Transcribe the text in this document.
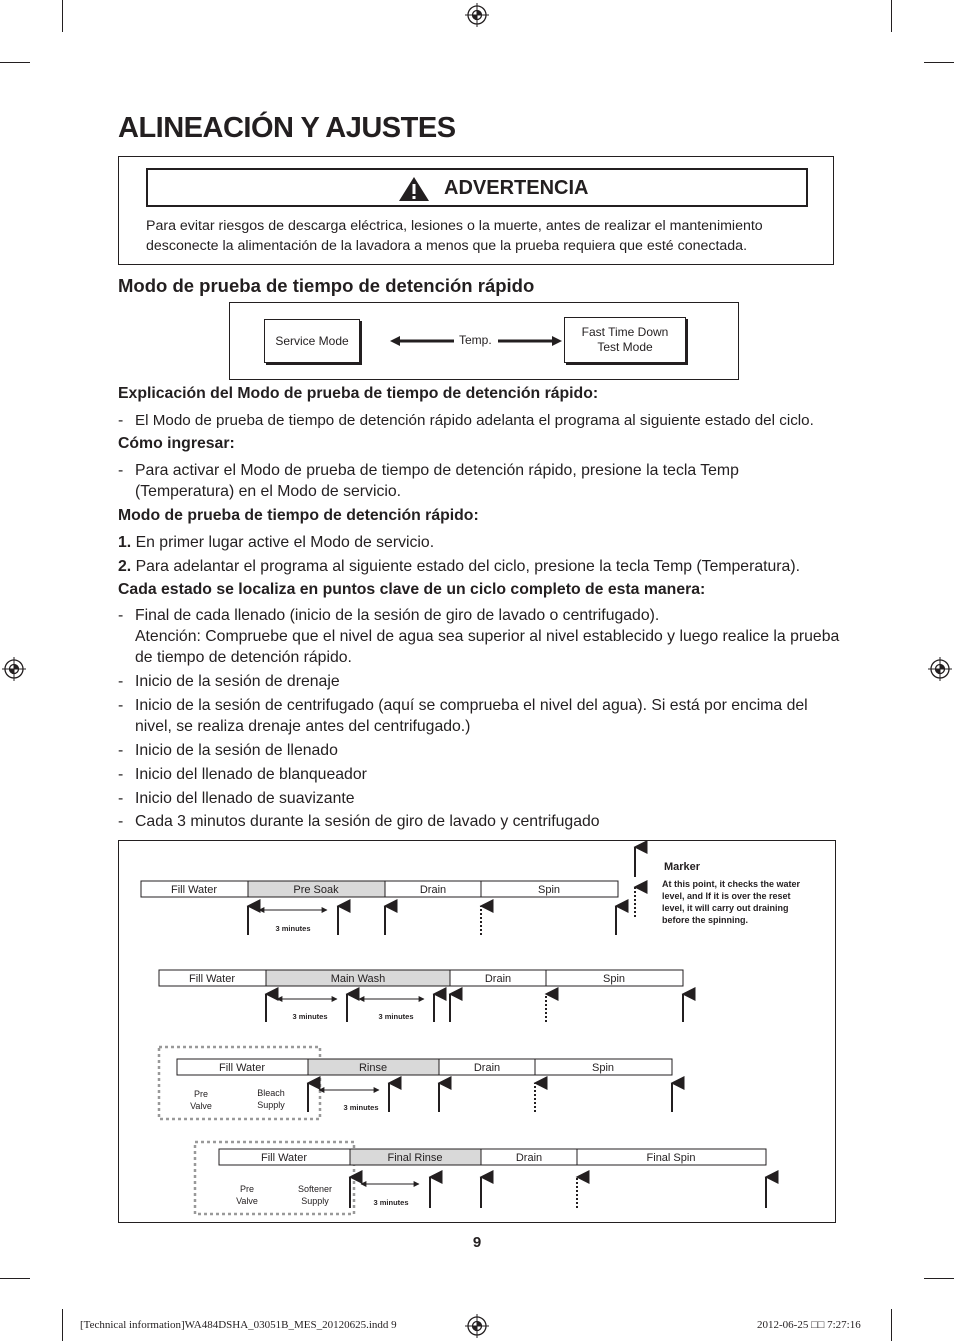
ALINEACIÓN Y AJUSTES
ADVERTENCIA
Para evitar riesgos de descarga eléctrica, lesiones o la muerte, antes de realizar el mantenimiento desconecte la alimentación de la lavadora a menos que la prueba requiera que esté conectada.
Modo de prueba de tiempo de detención rápido
Service Mode	Temp.
Fast Time Down
Test Mode
Explicación del Modo de prueba de tiempo de detención rápido:
- El Modo de prueba de tiempo de detención rápido adelanta el programa al siguiente estado del ciclo.
Cómo ingresar:
- Para activar el Modo de prueba de tiempo de detención rápido, presione la tecla Temp (Temperatura) en el Modo de servicio.
Modo de prueba de tiempo de detención rápido:
1. En primer lugar active el Modo de servicio.
2. Para adelantar el programa al siguiente estado del ciclo, presione la tecla Temp (Temperatura).
Cada estado se localiza en puntos clave de un ciclo completo de esta manera:
- Final de cada llenado (inicio de la sesión de giro de lavado o centrifugado).
Atención: Compruebe que el nivel de agua sea superior al nivel establecido y luego realice la prueba de tiempo de detención rápido.
- Inicio de la sesión de drenaje
- Inicio de la sesión de centrifugado (aquí se comprueba el nivel del agua). Si está por encima del nivel, se realiza drenaje antes del centrifugado.)
- Inicio de la sesión de llenado
- Inicio del llenado de blanqueador
- Inicio del llenado de suavizante
- Cada 3 minutos durante la sesión de giro de lavado y centrifugado
Marker
At this point, it checks the water level, and If it is over the reset level, it will carry out draining before the spinning.
Fill Water	Pre Soak	Drain	Spin
3 minutes
Fill Water	Main Wash	Drain	Spin
3 minutes	3 minutes
Fill Water	Rinse	Drain	Spin
Pre
Valve
Bleach
Supply	3 minutes
Fill Water	Final Rinse	Drain	Final Spin
Pre
Valve
Softener
Supply	3 minutes
9
[Technical information]WA484DSHA_03051B_MES_20120625.indd 9	2012-06-25 □□ 7:27:16
